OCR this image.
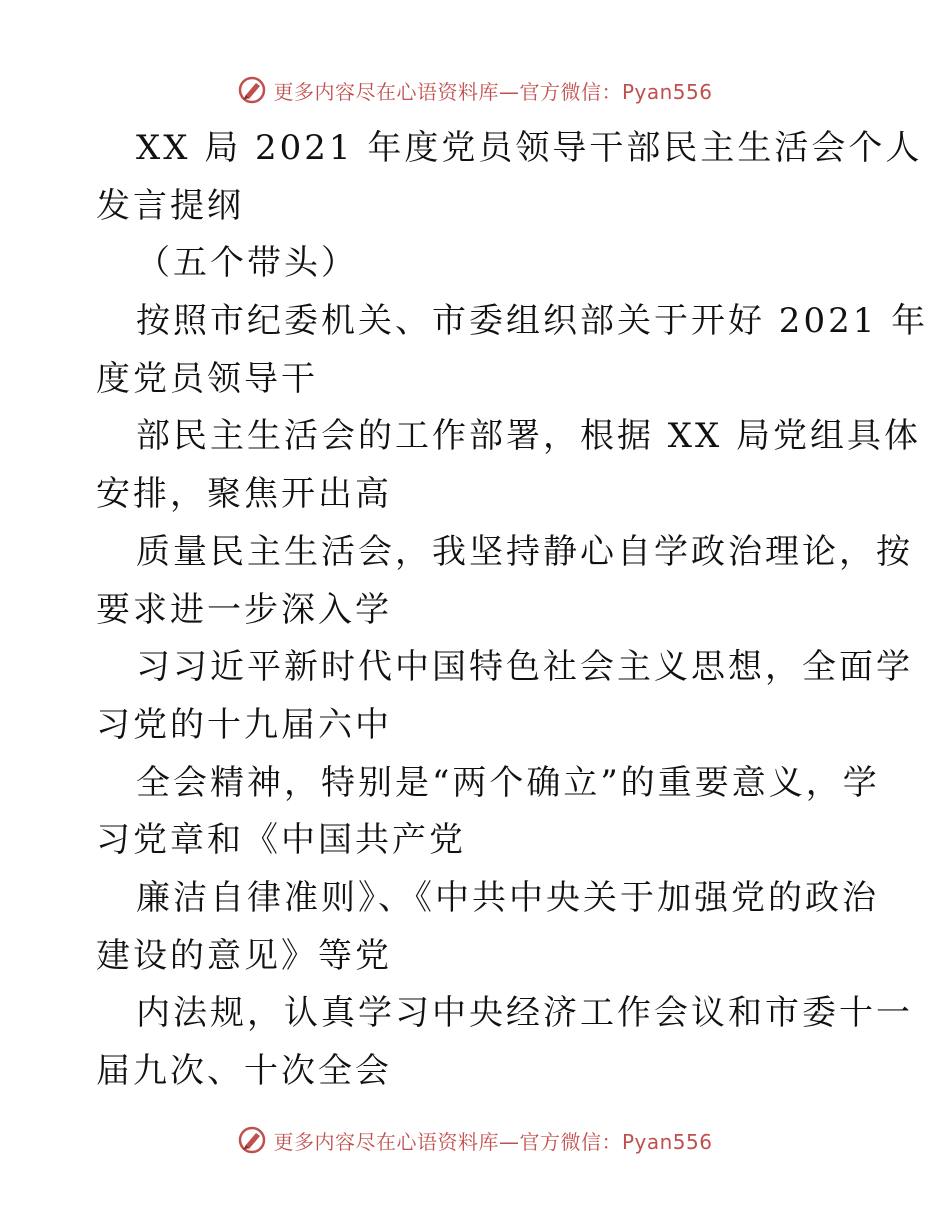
更多内容尽在心语资料库—官方微信：Pyan556
XX 局 2021 年度党员领导干部民主生活会个人
发言提纲
（五个带头）
按照市纪委机关、市委组织部关于开好 2021 年
度党员领导干
部民主生活会的工作部署，根据 XX 局党组具体
安排，聚焦开出高
质量民主生活会，我坚持静心自学政治理论，按
要求进一步深入学
习习近平新时代中国特色社会主义思想，全面学
习党的十九届六中
全会精神，特别是“两个确立”的重要意义，学
习党章和《中国共产党
廉洁自律准则》、《中共中央关于加强党的政治
建设的意见》等党
内法规，认真学习中央经济工作会议和市委十一
届九次、十次全会
更多内容尽在心语资料库—官方微信：Pyan556
